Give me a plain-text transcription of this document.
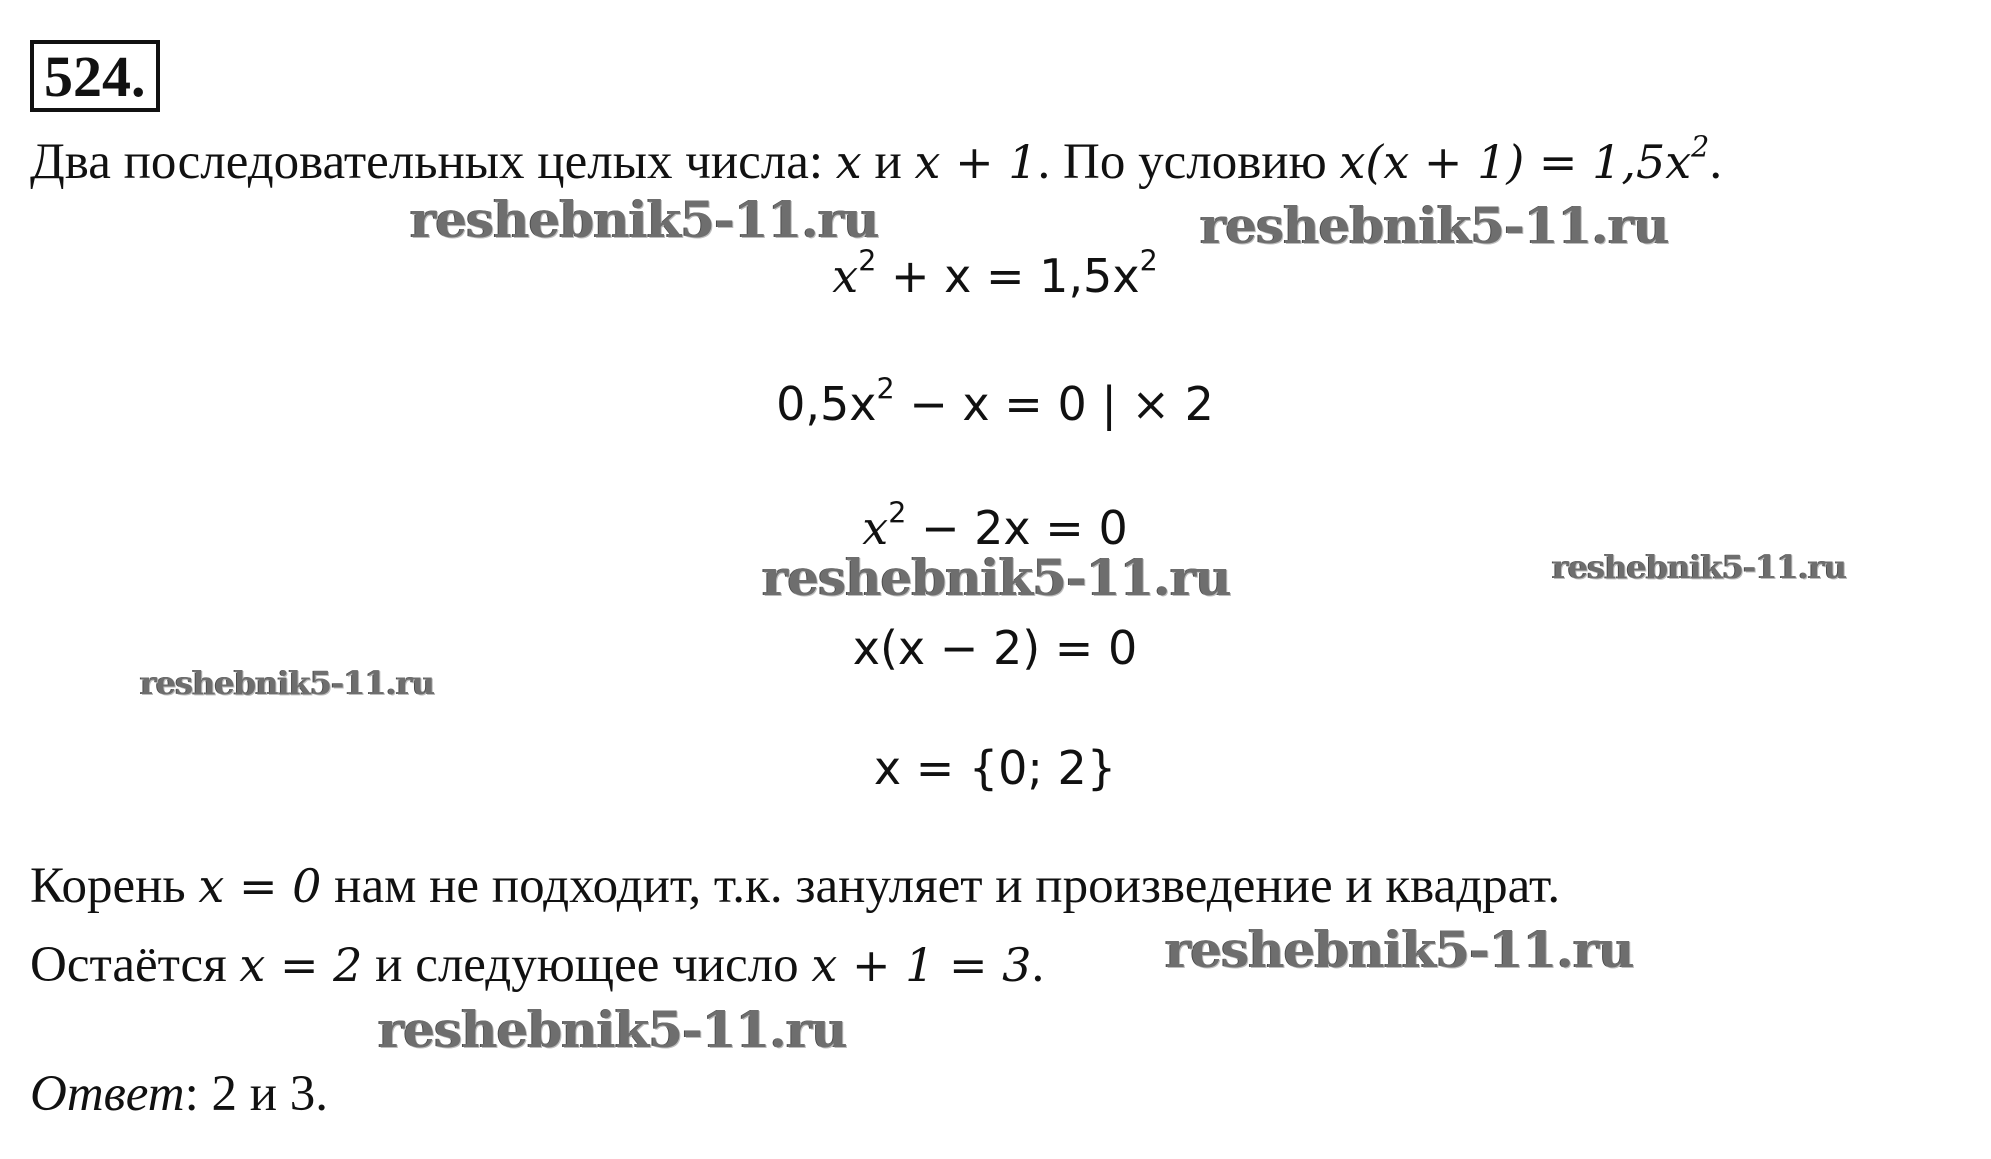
524.
Два последовательных целых числа: x и x + 1. По условию $x(x + 1) = 1,5x^2$.
$x^2 + x = 1,5x^2$
$0,5x^2 - x = 0$ | × 2
$x^2 - 2x = 0$
x(x − 2) = 0
x = {0; 2}
Корень x = 0 нам не подходит, т.к. зануляет и произведение и квадрат.
Остаётся x = 2 и следующее число x + 1 = 3.
Ответ: 2 и 3.
reshebnik5-11.ru	reshebnik5-11.ru
reshebnik5-11.ru	reshebnik5-11.ru
reshebnik5-11.ru
reshebnik5-11.ru
reshebnik5-11.ru
